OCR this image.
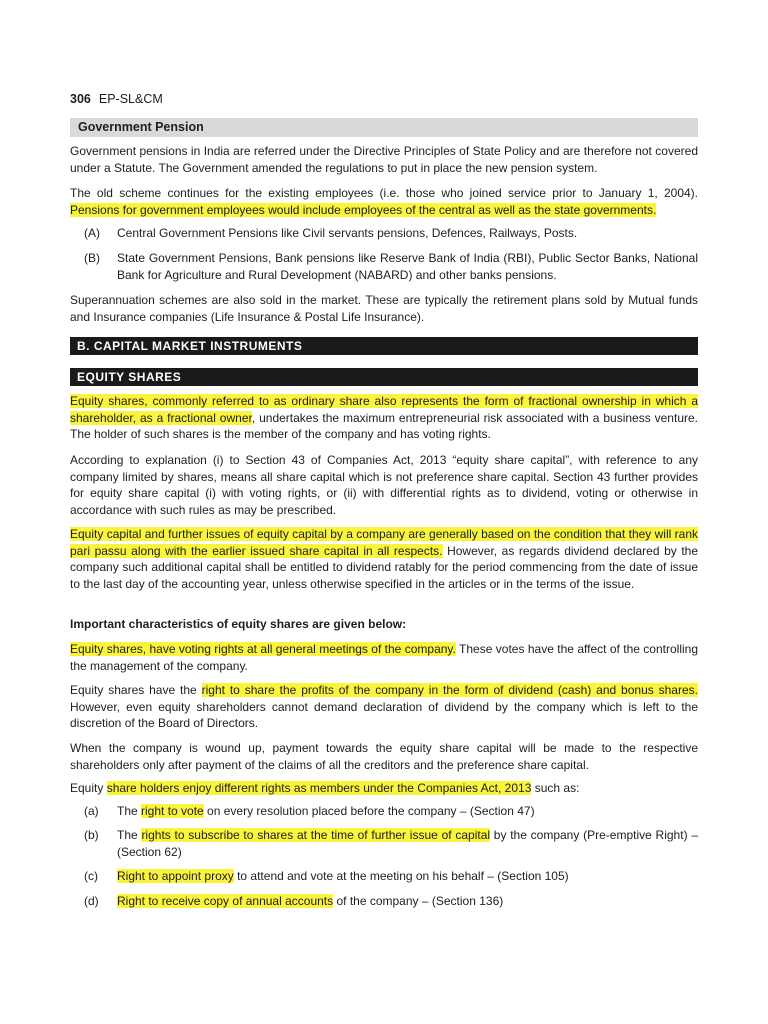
306 EP-SL&CM
Government Pension

Government pensions in India are referred under the Directive Principles of State Policy and are therefore not covered under a Statute. The Government amended the regulations to put in place the new pension system.

The old scheme continues for the existing employees (i.e. those who joined service prior to January 1, 2004). Pensions for government employees would include employees of the central as well as the state governments.

(A) Central Government Pensions like Civil servants pensions, Defences, Railways, Posts.
(B) State Government Pensions, Bank pensions like Reserve Bank of India (RBI), Public Sector Banks, National Bank for Agriculture and Rural Development (NABARD) and other banks pensions.

Superannuation schemes are also sold in the market. These are typically the retirement plans sold by Mutual funds and Insurance companies (Life Insurance & Postal Life Insurance).

B. CAPITAL MARKET INSTRUMENTS
EQUITY SHARES

Equity shares, commonly referred to as ordinary share also represents the form of fractional ownership in which a shareholder, as a fractional owner, undertakes the maximum entrepreneurial risk associated with a business venture. The holder of such shares is the member of the company and has voting rights.

According to explanation (i) to Section 43 of Companies Act, 2013 “equity share capital”, with reference to any company limited by shares, means all share capital which is not preference share capital. Section 43 further provides for equity share capital (i) with voting rights, or (ii) with differential rights as to dividend, voting or otherwise in accordance with such rules as may be prescribed.

Equity capital and further issues of equity capital by a company are generally based on the condition that they will rank pari passu along with the earlier issued share capital in all respects. However, as regards dividend declared by the company such additional capital shall be entitled to dividend ratably for the period commencing from the date of issue to the last day of the accounting year, unless otherwise specified in the articles or in the terms of the issue.

Important characteristics of equity shares are given below:

Equity shares, have voting rights at all general meetings of the company. These votes have the affect of the controlling the management of the company.

Equity shares have the right to share the profits of the company in the form of dividend (cash) and bonus shares. However, even equity shareholders cannot demand declaration of dividend by the company which is left to the discretion of the Board of Directors.

When the company is wound up, payment towards the equity share capital will be made to the respective shareholders only after payment of the claims of all the creditors and the preference share capital.

Equity share holders enjoy different rights as members under the Companies Act, 2013 such as:

(a) The right to vote on every resolution placed before the company – (Section 47)
(b) The rights to subscribe to shares at the time of further issue of capital by the company (Pre-emptive Right) – (Section 62)
(c) Right to appoint proxy to attend and vote at the meeting on his behalf – (Section 105)
(d) Right to receive copy of annual accounts of the company – (Section 136)
